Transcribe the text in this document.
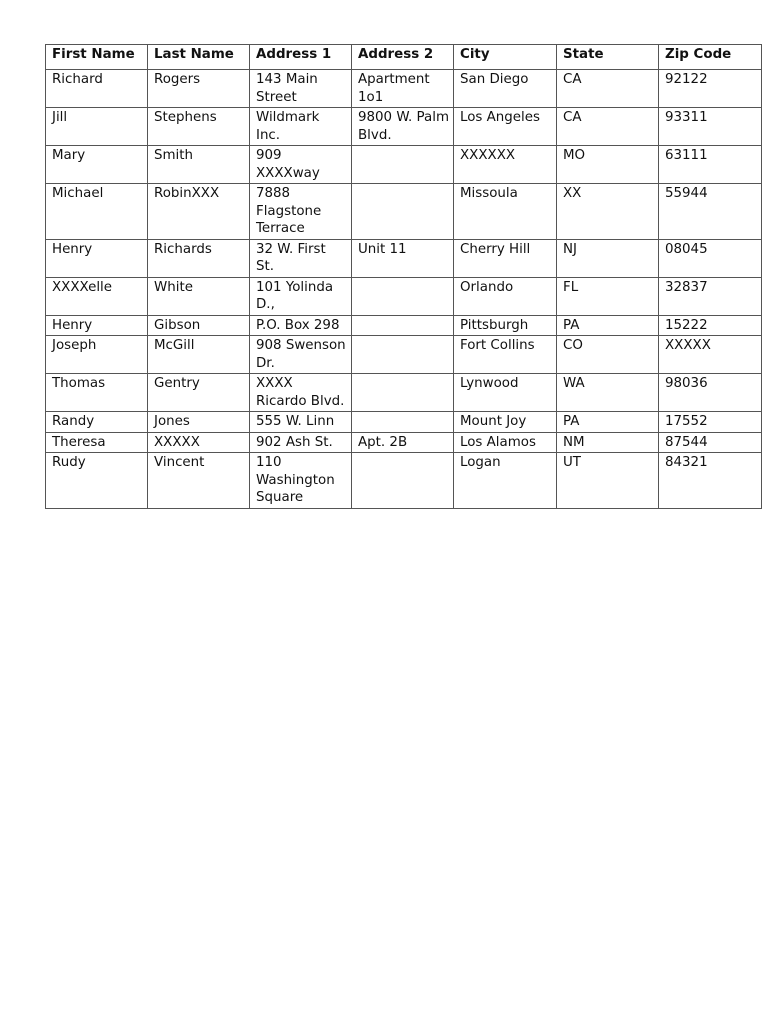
First Name	Last Name	Address 1	Address 2	City	State	Zip Code
Richard	Rogers	143 Main Street	Apartment 1o1	San Diego	CA	92122
Jill	Stephens	Wildmark Inc.	9800 W. Palm Blvd.	Los Angeles	CA	93311
Mary	Smith	909 XXXXway		XXXXXX	MO	63111
Michael	RobinXXX	7888 Flagstone Terrace		Missoula	XX	55944
Henry	Richards	32 W. First St.	Unit 11	Cherry Hill	NJ	08045
XXXXelle	White	101 Yolinda D.,		Orlando	FL	32837
Henry	Gibson	P.O. Box 298		Pittsburgh	PA	15222
Joseph	McGill	908 Swenson Dr.		Fort Collins	CO	XXXXX
Thomas	Gentry	XXXX Ricardo Blvd.		Lynwood	WA	98036
Randy	Jones	555 W. Linn		Mount Joy	PA	17552
Theresa	XXXXX	902 Ash St.	Apt. 2B	Los Alamos	NM	87544
Rudy	Vincent	110 Washington Square		Logan	UT	84321
